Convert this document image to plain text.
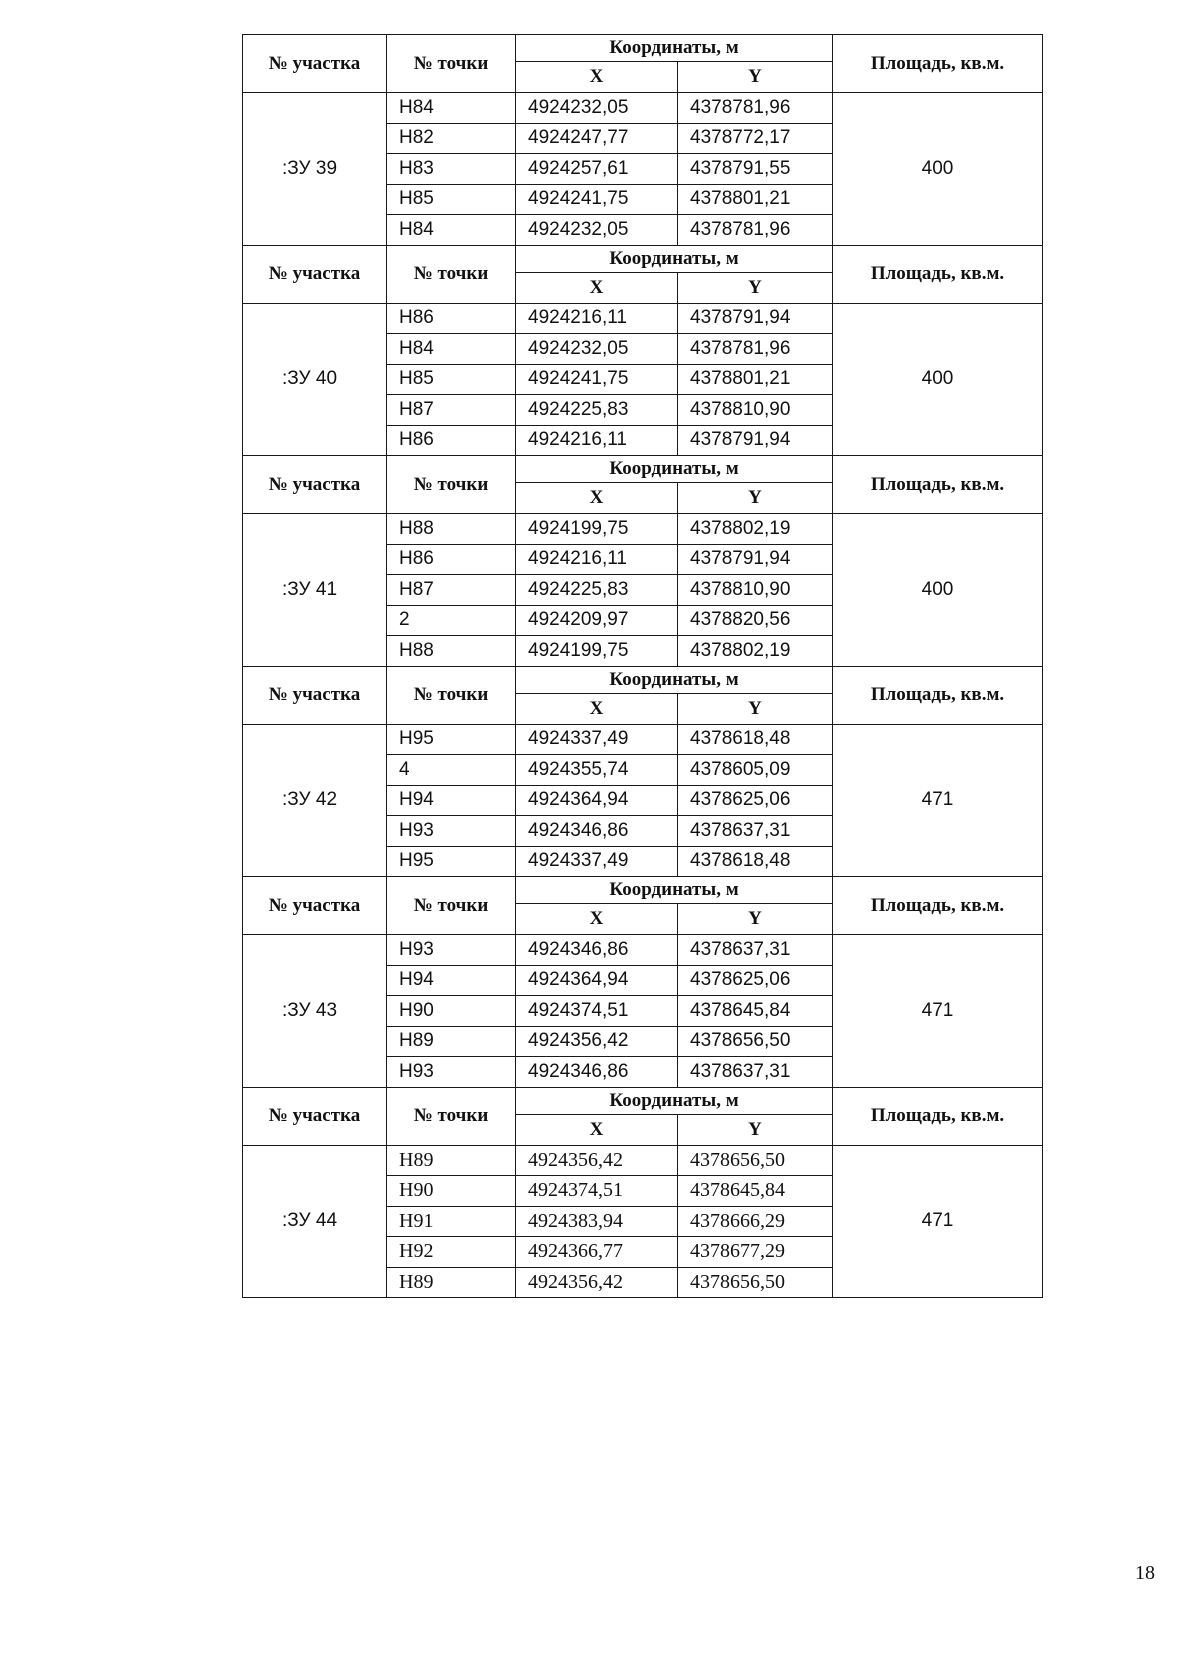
№ участка	№ точки	Координаты, м		Площадь, кв.м.
		X	Y	
:ЗУ 39	Н84	4924232,05	4378781,96	400
	Н82	4924247,77	4378772,17	
	Н83	4924257,61	4378791,55	
	Н85	4924241,75	4378801,21	
	Н84	4924232,05	4378781,96	
№ участка	№ точки	Координаты, м		Площадь, кв.м.
		X	Y	
:ЗУ 40	Н86	4924216,11	4378791,94	400
	Н84	4924232,05	4378781,96	
	Н85	4924241,75	4378801,21	
	Н87	4924225,83	4378810,90	
	Н86	4924216,11	4378791,94	
№ участка	№ точки	Координаты, м		Площадь, кв.м.
		X	Y	
:ЗУ 41	Н88	4924199,75	4378802,19	400
	Н86	4924216,11	4378791,94	
	Н87	4924225,83	4378810,90	
	2	4924209,97	4378820,56	
	Н88	4924199,75	4378802,19	
№ участка	№ точки	Координаты, м		Площадь, кв.м.
		X	Y	
:ЗУ 42	Н95	4924337,49	4378618,48	471
	4	4924355,74	4378605,09	
	Н94	4924364,94	4378625,06	
	Н93	4924346,86	4378637,31	
	Н95	4924337,49	4378618,48	
№ участка	№ точки	Координаты, м		Площадь, кв.м.
		X	Y	
:ЗУ 43	Н93	4924346,86	4378637,31	471
	Н94	4924364,94	4378625,06	
	Н90	4924374,51	4378645,84	
	Н89	4924356,42	4378656,50	
	Н93	4924346,86	4378637,31	
№ участка	№ точки	Координаты, м		Площадь, кв.м.
		X	Y	
:ЗУ 44	Н89	4924356,42	4378656,50	471
	Н90	4924374,51	4378645,84	
	Н91	4924383,94	4378666,29	
	Н92	4924366,77	4378677,29	
	Н89	4924356,42	4378656,50	
18
